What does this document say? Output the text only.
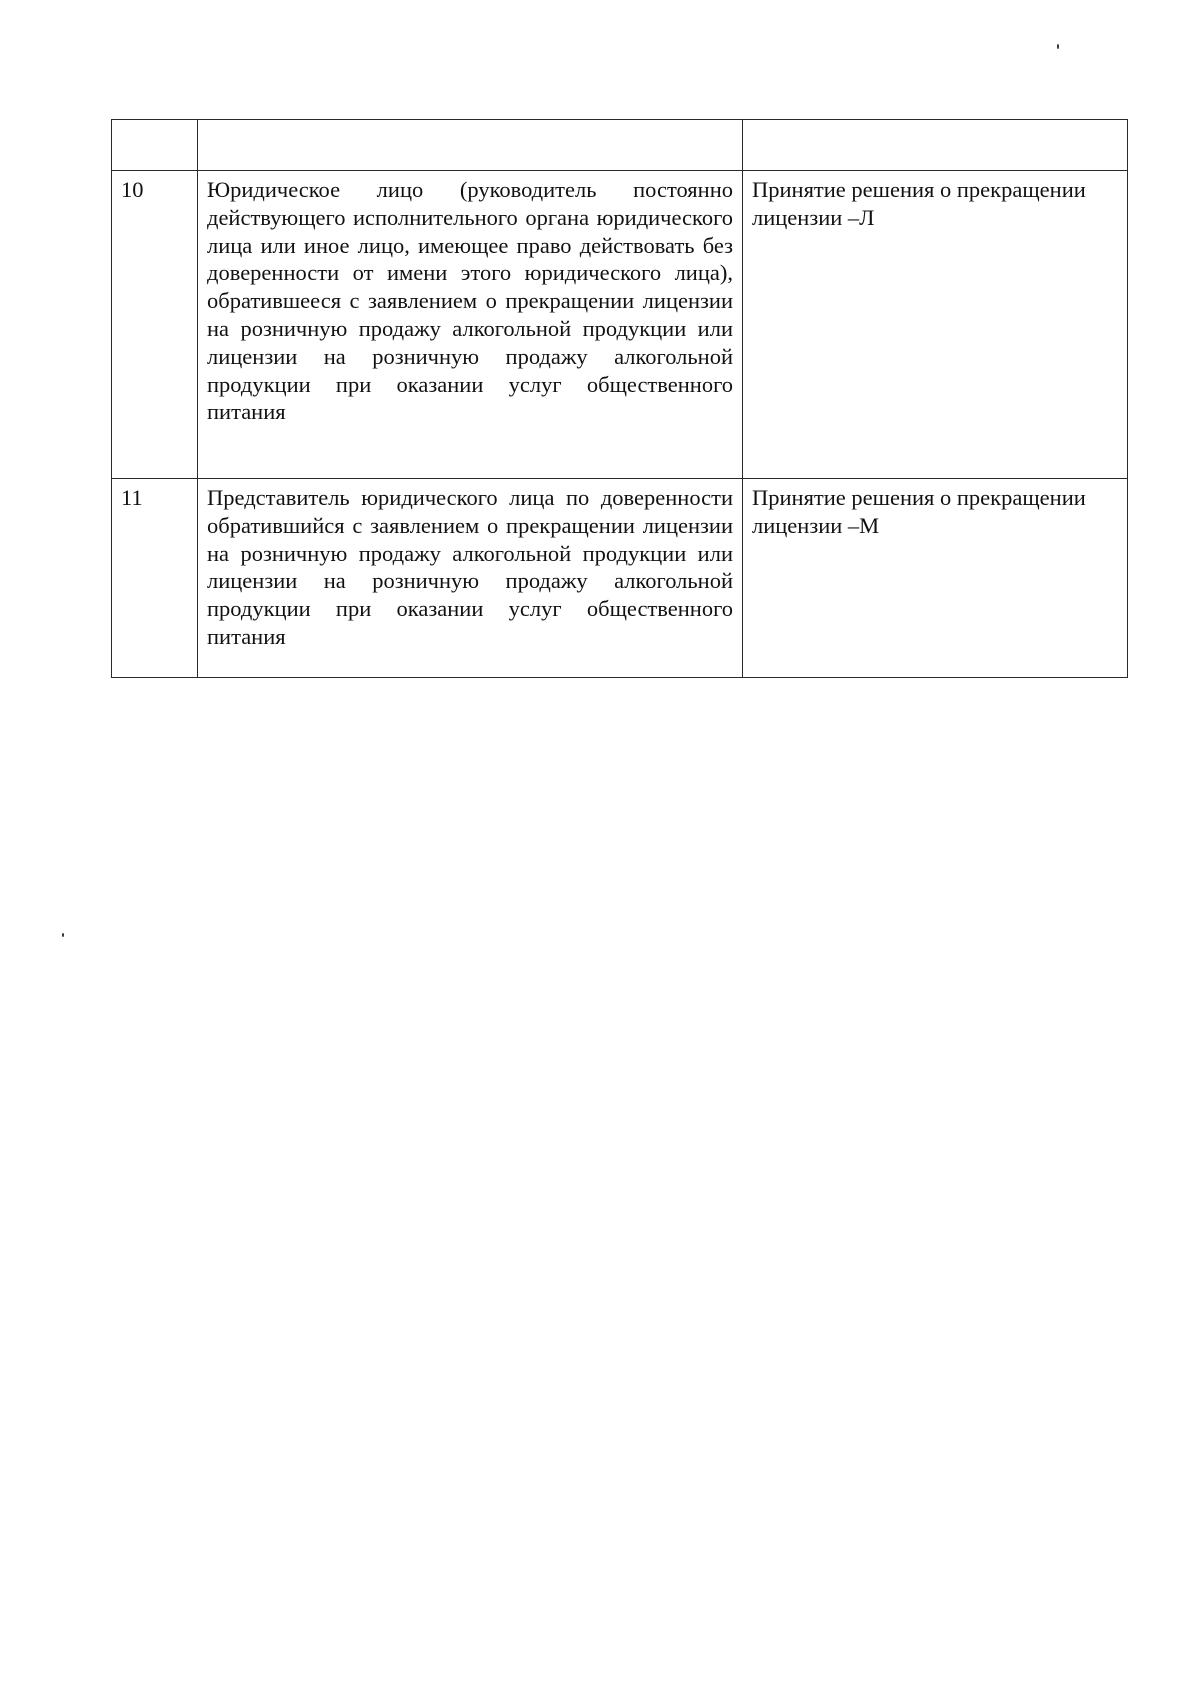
10	Юридическое лицо (руководитель постоянно действующего исполнительного органа юридического лица или иное лицо, имеющее право действовать без доверенности от имени этого юридического лица), обратившееся с заявлением о прекращении лицензии на розничную продажу алкогольной продукции или лицензии на розничную продажу алкогольной продукции при оказании услуг общественного питания	Принятие решения о прекращении лицензии –Л
11	Представитель юридического лица по доверенности обратившийся с заявлением о прекращении лицензии на розничную продажу алкогольной продукции или лицензии на розничную продажу алкогольной продукции при оказании услуг общественного питания	Принятие решения о прекращении лицензии –М
